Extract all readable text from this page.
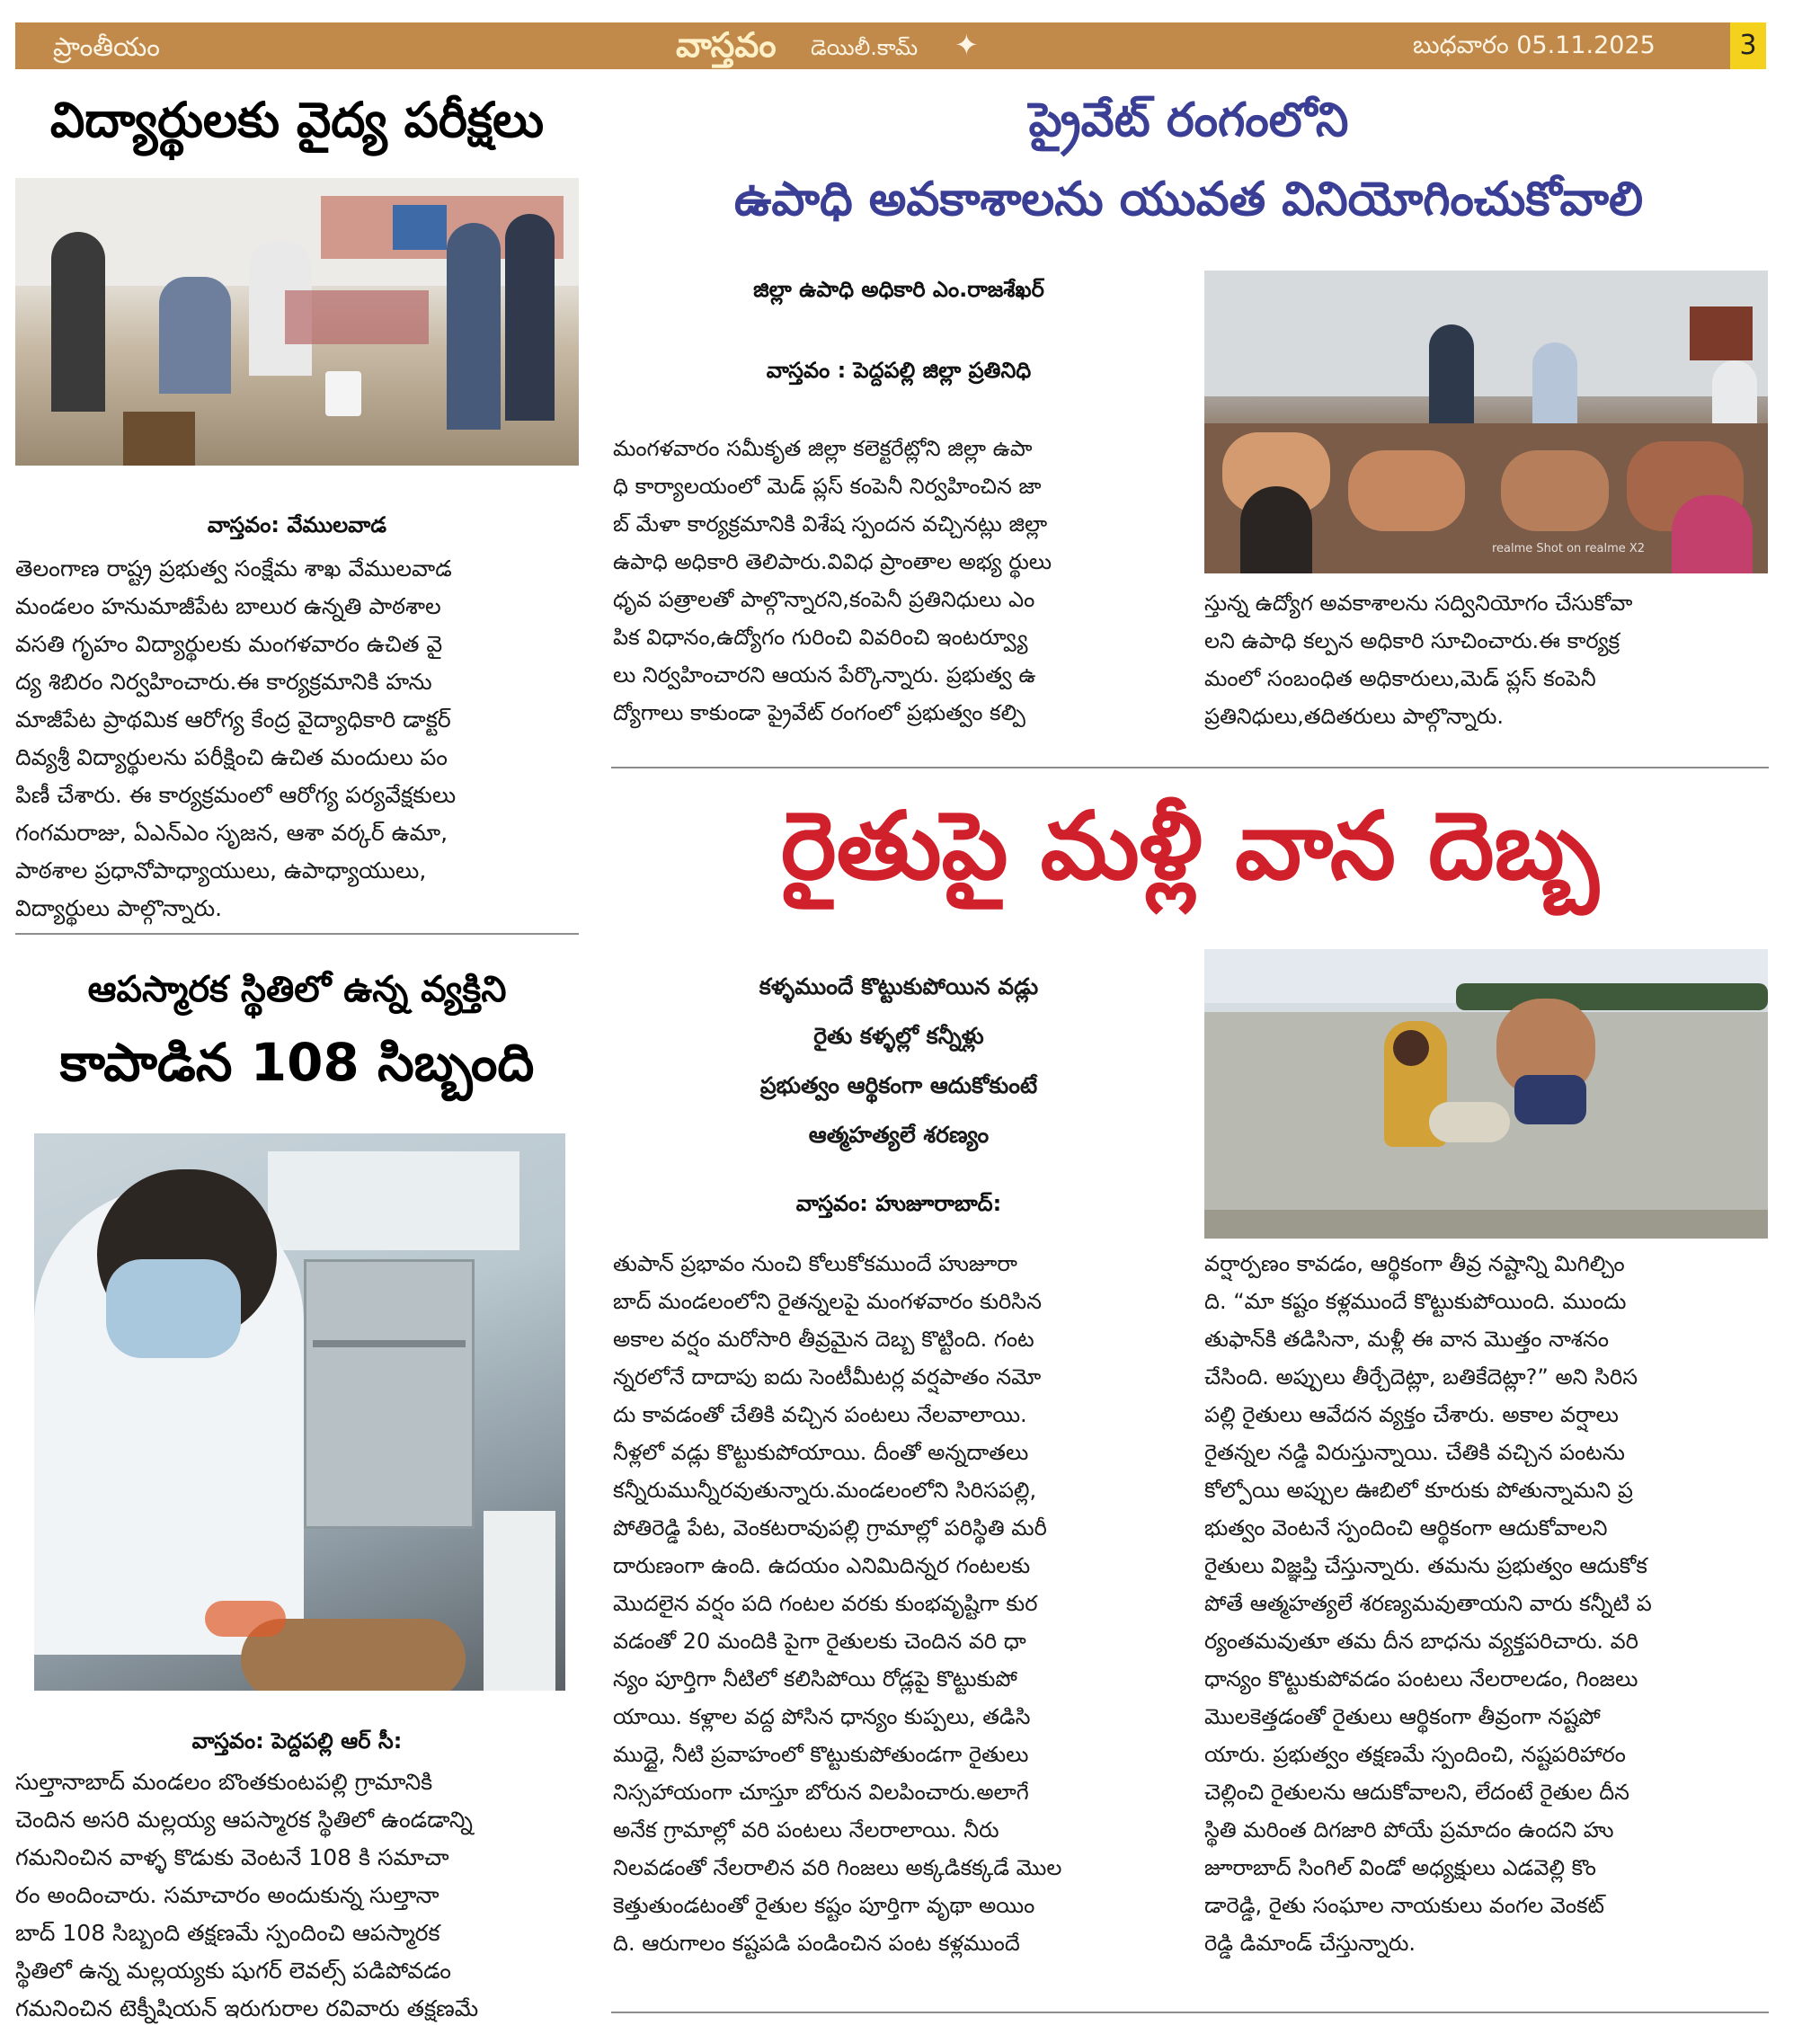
ప్రాంతీయం	వాస్తవం డెయిలీ.కామ్ ✦	బుధవారం 05.11.2025	3
విద్యార్థులకు వైద్య పరీక్షలు
వాస్తవం: వేములవాడ
ఆపస్మారక స్థితిలో ఉన్న వ్యక్తిని
కాపాడిన 108 సిబ్బంది
వాస్తవం: పెద్దపల్లి ఆర్ సీ:
ప్రైవేట్ రంగంలోని
ఉపాధి అవకాశాలను యువత వినియోగించుకోవాలి
జిల్లా ఉపాధి అధికారి ఎం.రాజశేఖర్
వాస్తవం : పెద్దపల్లి జిల్లా ప్రతినిధి
realme Shot on realme X2
రైతుపై మళ్లీ వాన దెబ్బ
వాస్తవం: హుజూరాబాద్:
తెలంగాణ రాష్ట్ర ప్రభుత్వ సంక్షేమ శాఖ వేములవాడ
మండలం హనుమాజీపేట బాలుర ఉన్నతి పాఠశాల
వసతి గృహం విద్యార్థులకు మంగళవారం ఉచిత వై
ద్య శిబిరం నిర్వహించారు.ఈ కార్యక్రమానికి హను
మాజీపేట ప్రాథమిక ఆరోగ్య కేంద్ర వైద్యాధికారి డాక్టర్
దివ్యశ్రీ విద్యార్థులను పరీక్షించి ఉచిత మందులు పం
పిణీ చేశారు. ఈ కార్యక్రమంలో ఆరోగ్య పర్యవేక్షకులు
గంగమరాజు, ఏఎన్ఎం సృజన, ఆశా వర్కర్ ఉమా,
పాఠశాల ప్రధానోపాధ్యాయులు, ఉపాధ్యాయులు,
విద్యార్థులు పాల్గొన్నారు.
సుల్తానాబాద్ మండలం బొంతకుంటపల్లి గ్రామానికి
చెందిన అసరి మల్లయ్య ఆపస్మారక స్థితిలో ఉండడాన్ని
గమనించిన వాళ్ళ కొడుకు వెంటనే 108 కి సమాచా
రం అందించారు. సమాచారం అందుకున్న సుల్తానా
బాద్ 108 సిబ్బంది తక్షణమే స్పందించి ఆపస్మారక
స్థితిలో ఉన్న మల్లయ్యకు షుగర్ లెవల్స్ పడిపోవడం
గమనించిన టెక్నీషియన్ ఇరుగురాల రవివారు తక్షణమే
మంగళవారం సమీకృత జిల్లా కలెక్టరేట్లోని జిల్లా ఉపా
ధి కార్యాలయంలో మెడ్ ప్లస్ కంపెనీ నిర్వహించిన జా
బ్ మేళా కార్యక్రమానికి విశేష స్పందన వచ్చినట్లు జిల్లా
ఉపాధి అధికారి తెలిపారు.వివిధ ప్రాంతాల అభ్య ర్థులు
ధృవ పత్రాలతో పాల్గొన్నారని,కంపెనీ ప్రతినిధులు ఎం
పిక విధానం,ఉద్యోగం గురించి వివరించి ఇంటర్వ్యూ
లు నిర్వహించారని ఆయన పేర్కొన్నారు. ప్రభుత్వ ఉ
ద్యోగాలు కాకుండా ప్రైవేట్ రంగంలో ప్రభుత్వం కల్పి
స్తున్న ఉద్యోగ అవకాశాలను సద్వినియోగం చేసుకోవా
లని ఉపాధి కల్పన అధికారి సూచించారు.ఈ కార్యక్ర
మంలో సంబంధిత అధికారులు,మెడ్ ప్లస్ కంపెనీ
ప్రతినిధులు,తదితరులు పాల్గొన్నారు.
కళ్ళముందే కొట్టుకుపోయిన వడ్లు
రైతు కళ్ళల్లో కన్నీళ్లు
ప్రభుత్వం ఆర్థికంగా ఆదుకోకుంటే
ఆత్మహత్యలే శరణ్యం
తుపాన్ ప్రభావం నుంచి కోలుకోకముందే హుజూరా
బాద్ మండలంలోని రైతన్నలపై మంగళవారం కురిసిన
అకాల వర్షం మరోసారి తీవ్రమైన దెబ్బ కొట్టింది. గంట
న్నరలోనే దాదాపు ఐదు సెంటీమీటర్ల వర్షపాతం నమో
దు కావడంతో చేతికి వచ్చిన పంటలు నేలవాలాయి.
నీళ్లలో వడ్లు కొట్టుకుపోయాయి. దీంతో అన్నదాతలు
కన్నీరుమున్నీరవుతున్నారు.మండలంలోని సిరిసపల్లి,
పోతిరెడ్డి పేట, వెంకటరావుపల్లి గ్రామాల్లో పరిస్థితి మరీ
దారుణంగా ఉంది. ఉదయం ఎనిమిదిన్నర గంటలకు
మొదలైన వర్షం పది గంటల వరకు కుంభవృష్టిగా కుర
వడంతో 20 మందికి పైగా రైతులకు చెందిన వరి ధా
న్యం పూర్తిగా నీటిలో కలిసిపోయి రోడ్లపై కొట్టుకుపో
యాయి. కళ్లాల వద్ద పోసిన ధాన్యం కుప్పలు, తడిసి
ముద్దై, నీటి ప్రవాహంలో కొట్టుకుపోతుండగా రైతులు
నిస్సహాయంగా చూస్తూ బోరున విలపించారు.అలాగే
అనేక గ్రామాల్లో వరి పంటలు నేలరాలాయి. నీరు
నిలవడంతో నేలరాలిన వరి గింజలు అక్కడికక్కడే మొల
కెత్తుతుండటంతో రైతుల కష్టం పూర్తిగా వృథా అయిం
ది. ఆరుగాలం కష్టపడి పండించిన పంట కళ్లముందే
వర్షార్పణం కావడం, ఆర్థికంగా తీవ్ర నష్టాన్ని మిగిల్చిం
ది. “మా కష్టం కళ్లముందే కొట్టుకుపోయింది. ముందు
తుఫాన్‌కి తడిసినా, మళ్లీ ఈ వాన మొత్తం నాశనం
చేసింది. అప్పులు తీర్చేదెట్లా, బతికేదెట్లా?” అని సిరిస
పల్లి రైతులు ఆవేదన వ్యక్తం చేశారు. అకాల వర్షాలు
రైతన్నల నడ్డి విరుస్తున్నాయి. చేతికి వచ్చిన పంటను
కోల్పోయి అప్పుల ఊబిలో కూరుకు పోతున్నామని ప్ర
భుత్వం వెంటనే స్పందించి ఆర్థికంగా ఆదుకోవాలని
రైతులు విజ్ఞప్తి చేస్తున్నారు. తమను ప్రభుత్వం ఆదుకోక
పోతే ఆత్మహత్యలే శరణ్యమవుతాయని వారు కన్నీటి ప
ర్యంతమవుతూ తమ దీన బాధను వ్యక్తపరిచారు. వరి
ధాన్యం కొట్టుకుపోవడం పంటలు నేలరాలడం, గింజలు
మొలకెత్తడంతో రైతులు ఆర్థికంగా తీవ్రంగా నష్టపో
యారు. ప్రభుత్వం తక్షణమే స్పందించి, నష్టపరిహారం
చెల్లించి రైతులను ఆదుకోవాలని, లేదంటే రైతుల దీన
స్థితి మరింత దిగజారి పోయే ప్రమాదం ఉందని హు
జూరాబాద్ సింగిల్ విండో అధ్యక్షులు ఎడవెల్లి కొం
డారెడ్డి, రైతు సంఘాల నాయకులు వంగల వెంకట్
రెడ్డి డిమాండ్ చేస్తున్నారు.
